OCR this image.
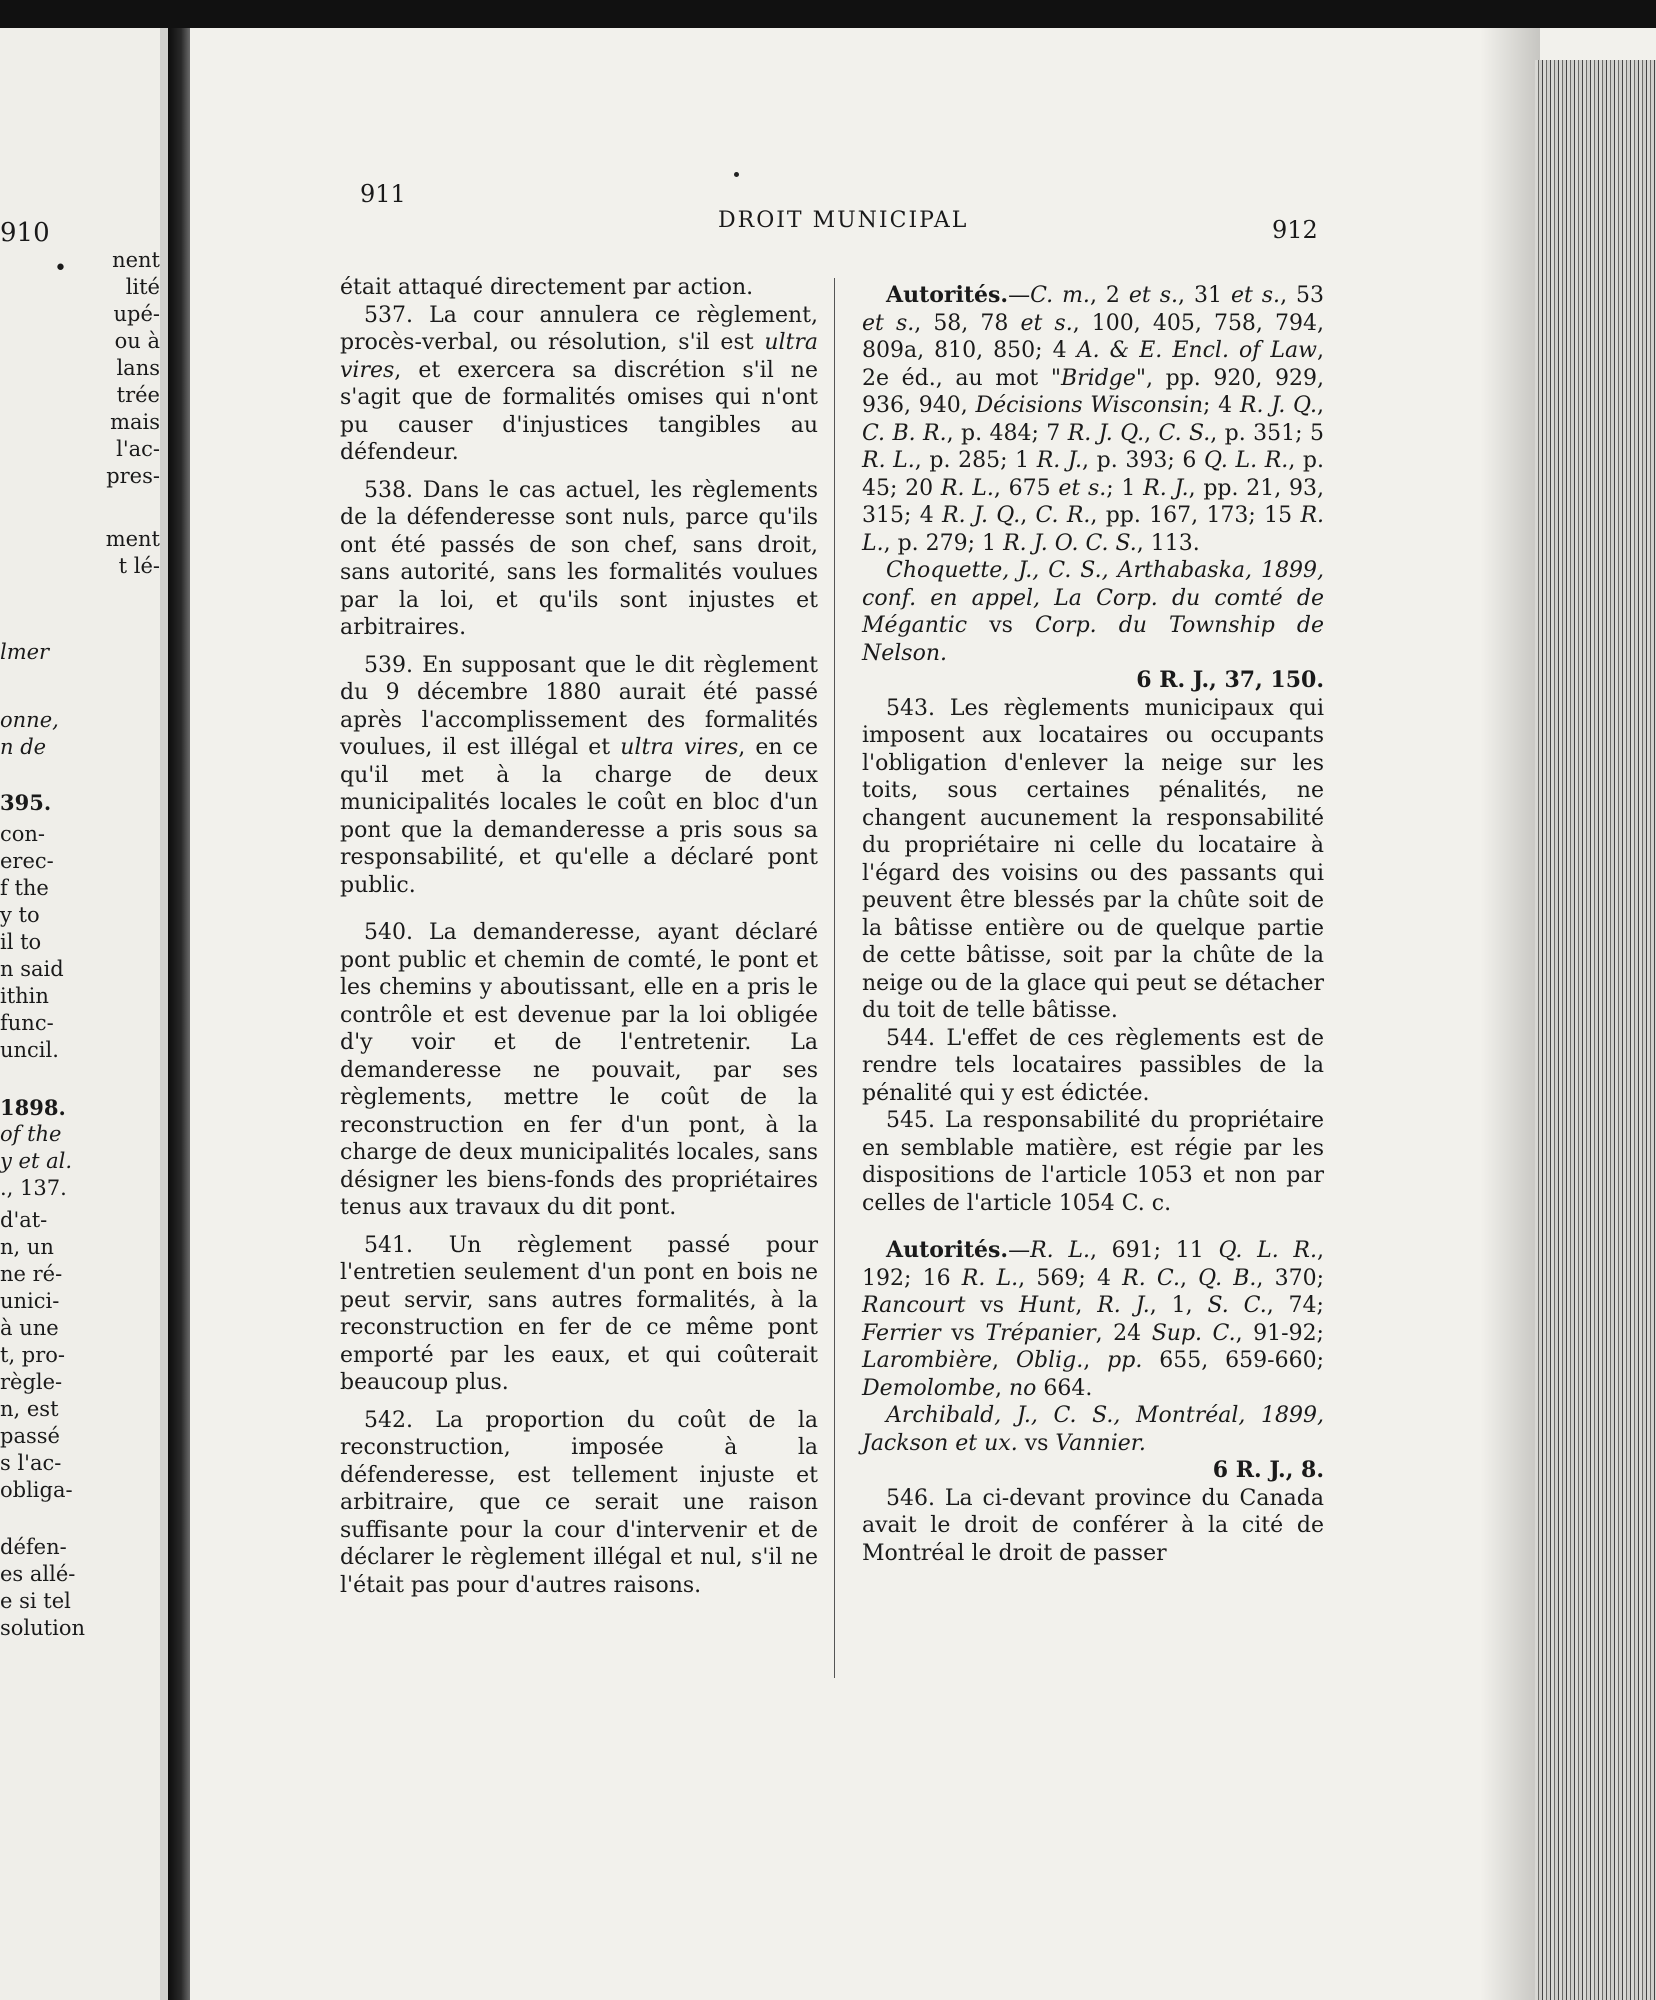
910
• nent
lité
upé-
ou à
lans
trée
mais
l'ac-
pres-
ment
t lé-
lmer
onne,
n de
395.
con-
erec-
f the
y to
il to
n said
ithin
func-
uncil.
1898.
of the
y et al.
., 137.
d'at-
n, un
ne ré-
unici-
à une
t, pro-
règle-
n, est
passé
s l'ac-
obliga-
défen-
es allé-
e si tel
solution
911
DROIT MUNICIPAL	912

était attaqué directement par action.

537. La cour annulera ce règlement, procès-verbal, ou résolution, s'il est ultra vires, et exercera sa discrétion s'il ne s'agit que de formalités omises qui n'ont pu causer d'injustices tangibles au défendeur.

538. Dans le cas actuel, les règlements de la défenderesse sont nuls, parce qu'ils ont été passés de son chef, sans droit, sans autorité, sans les formalités voulues par la loi, et qu'ils sont injustes et arbitraires.

539. En supposant que le dit règlement du 9 décembre 1880 aurait été passé après l'accomplissement des formalités voulues, il est illégal et ultra vires, en ce qu'il met à la charge de deux municipalités locales le coût en bloc d'un pont que la demanderesse a pris sous sa responsabilité, et qu'elle a déclaré pont public.

540. La demanderesse, ayant déclaré pont public et chemin de comté, le pont et les chemins y aboutissant, elle en a pris le contrôle et est devenue par la loi obligée d'y voir et de l'entretenir. La demanderesse ne pouvait, par ses règlements, mettre le coût de la reconstruction en fer d'un pont, à la charge de deux municipalités locales, sans désigner les biens-fonds des propriétaires tenus aux travaux du dit pont.

541. Un règlement passé pour l'entretien seulement d'un pont en bois ne peut servir, sans autres formalités, à la reconstruction en fer de ce même pont emporté par les eaux, et qui coûterait beaucoup plus.

542. La proportion du coût de la reconstruction, imposée à la défenderesse, est tellement injuste et arbitraire, que ce serait une raison suffisante pour la cour d'intervenir et de déclarer le règlement illégal et nul, s'il ne l'était pas pour d'autres raisons.

Autorités.—C. m., 2 et s., 31 et s., 53 et s., 58, 78 et s., 100, 405, 758, 794, 809a, 810, 850; 4 A. & E. Encl. of Law, 2e éd., au mot "Bridge", pp. 920, 929, 936, 940, Décisions Wisconsin; 4 R. J. Q., C. B. R., p. 484; 7 R. J. Q., C. S., p. 351; 5 R. L., p. 285; 1 R. J., p. 393; 6 Q. L. R., p. 45; 20 R. L., 675 et s.; 1 R. J., pp. 21, 93, 315; 4 R. J. Q., C. R., pp. 167, 173; 15 R. L., p. 279; 1 R. J. O. C. S., 113.

Choquette, J., C. S., Arthabaska, 1899, conf. en appel, La Corp. du comté de Mégantic vs Corp. du Township de Nelson.

6 R. J., 37, 150.

543. Les règlements municipaux qui imposent aux locataires ou occupants l'obligation d'enlever la neige sur les toits, sous certaines pénalités, ne changent aucunement la responsabilité du propriétaire ni celle du locataire à l'égard des voisins ou des passants qui peuvent être blessés par la chûte soit de la bâtisse entière ou de quelque partie de cette bâtisse, soit par la chûte de la neige ou de la glace qui peut se détacher du toit de telle bâtisse.

544. L'effet de ces règlements est de rendre tels locataires passibles de la pénalité qui y est édictée.

545. La responsabilité du propriétaire en semblable matière, est régie par les dispositions de l'article 1053 et non par celles de l'article 1054 C. c.

Autorités.—R. L., 691; 11 Q. L. R., 192; 16 R. L., 569; 4 R. C., Q. B., 370; Rancourt vs Hunt, R. J., 1, S. C., 74; Ferrier vs Trépanier, 24 Sup. C., 91-92; Larombière, Oblig., pp. 655, 659-660; Demolombe, no 664.

Archibald, J., C. S., Montréal, 1899, Jackson et ux. vs Vannier.

6 R. J., 8.

546. La ci-devant province du Canada avait le droit de conférer à la cité de Montréal le droit de passer
